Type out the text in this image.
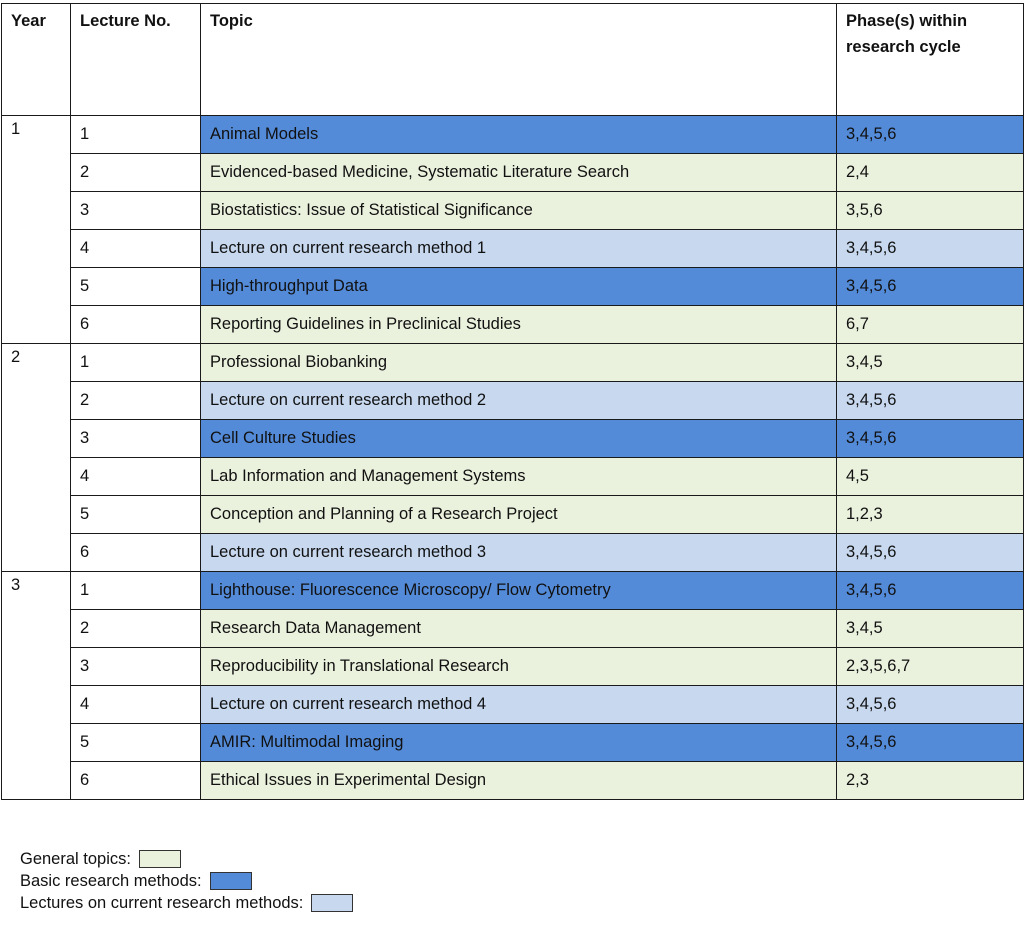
Year	Lecture No.	Topic	Phase(s) within research cycle
1	1	Animal Models	3,4,5,6
	2	Evidenced-based Medicine, Systematic Literature Search	2,4
	3	Biostatistics: Issue of Statistical Significance	3,5,6
	4	Lecture on current research method 1	3,4,5,6
	5	High-throughput Data	3,4,5,6
	6	Reporting Guidelines in Preclinical Studies	6,7
2	1	Professional Biobanking	3,4,5
	2	Lecture on current research method 2	3,4,5,6
	3	Cell Culture Studies	3,4,5,6
	4	Lab Information and Management Systems	4,5
	5	Conception and Planning of a Research Project	1,2,3
	6	Lecture on current research method 3	3,4,5,6
3	1	Lighthouse: Fluorescence Microscopy/ Flow Cytometry	3,4,5,6
	2	Research Data Management	3,4,5
	3	Reproducibility in Translational Research	2,3,5,6,7
	4	Lecture on current research method 4	3,4,5,6
	5	AMIR: Multimodal Imaging	3,4,5,6
	6	Ethical Issues in Experimental Design	2,3
General topics:
Basic research methods:
Lectures on current research methods:
